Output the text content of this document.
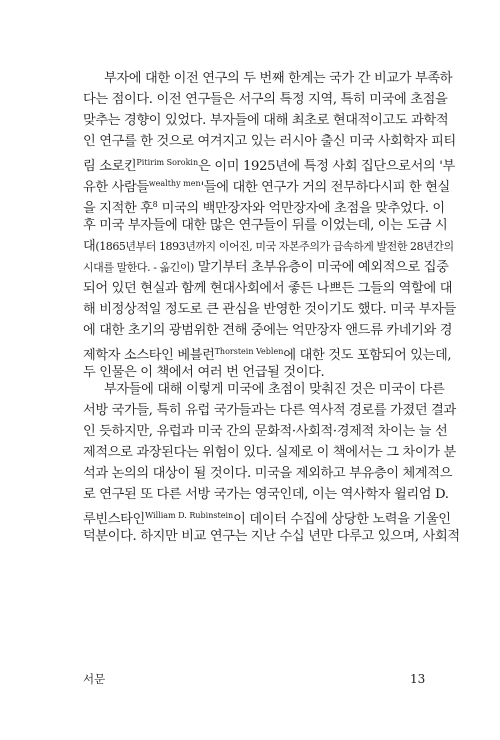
서문	13
부자에 대한 이전 연구의 두 번째 한계는 국가 간 비교가 부족하
다는 점이다. 이전 연구들은 서구의 특정 지역, 특히 미국에 초점을
맞추는 경향이 있었다. 부자들에 대해 최초로 현대적이고도 과학적
인 연구를 한 것으로 여겨지고 있는 러시아 출신 미국 사회학자 피티
림 소로킨$^{Pitirim Sorokin}$은 이미 1925년에 특정 사회 집단으로서의 '부
유한 사람들$^{wealthy men}$'들에 대한 연구가 거의 전무하다시피 한 현실
을 지적한 후$^8$ 미국의 백만장자와 억만장자에 초점을 맞추었다. 이
후 미국 부자들에 대한 많은 연구들이 뒤를 이었는데, 이는 도금 시
대(1865년부터 1893년까지 이어진, 미국 자본주의가 급속하게 발전한 28년간의
시대를 말한다. - 옮긴이) 말기부터 초부유층이 미국에 예외적으로 집중
되어 있던 현실과 함께 현대사회에서 좋든 나쁘든 그들의 역할에 대
해 비정상적일 정도로 큰 관심을 반영한 것이기도 했다. 미국 부자들
에 대한 초기의 광범위한 견해 중에는 억만장자 앤드류 카네기와 경
제학자 소스타인 베블런$^{Thorstein Veblen}$에 대한 것도 포함되어 있는데,
두 인물은 이 책에서 여러 번 언급될 것이다.
부자들에 대해 이렇게 미국에 초점이 맞춰진 것은 미국이 다른
서방 국가들, 특히 유럽 국가들과는 다른 역사적 경로를 가졌던 결과
인 듯하지만, 유럽과 미국 간의 문화적·사회적·경제적 차이는 늘 선
제적으로 과장된다는 위험이 있다. 실제로 이 책에서는 그 차이가 분
석과 논의의 대상이 될 것이다. 미국을 제외하고 부유층이 체계적으
로 연구된 또 다른 서방 국가는 영국인데, 이는 역사학자 윌리엄 D.
루빈스타인$^{William D. Rubinstein}$이 데이터 수집에 상당한 노력을 기울인
덕분이다. 하지만 비교 연구는 지난 수십 년만 다루고 있으며, 사회적
